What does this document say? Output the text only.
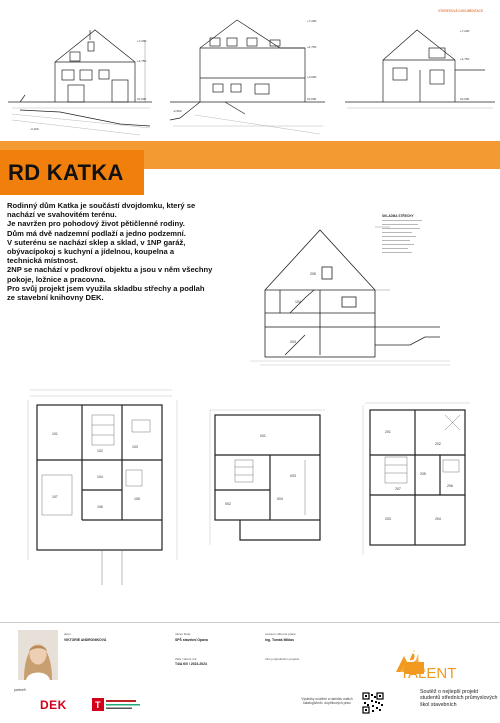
+7,200
+4,750
±0,000
-3,100
+7,200
+4,750
+3,000
±0,000
-2,900
VÝKRESOVÁ DOKUMENTACE
+7,200
+4,750
±0,000
RD KATKA

Rodinný dům Katka je součástí dvojdomku, který se

nachází ve svahovitém terénu.

Je navržen pro pohodový život pětičlenné rodiny.

Dům má dvě nadzemní podlaží a jedno podzemní.

V suterénu se nachází sklep a sklad, v 1NP garáž,

obývacípokoj s kuchyní a jídelnou, koupelna a

technická místnost.

2NP se nachází v podkroví objektu a jsou v něm všechny

pokoje, ložnice a pracovna.

Pro svůj projekt jsem využila skladbu střechy a podlah

ze stavební knihovny DEK.

SKLADBA STŘECHY
205
104
003
101
102
103
104
105
106
107
001
002
003
004
201
202
203	204
205
206
207
autor
VIKTORIE ANDRONIKOVÁ
název školy
SPŠ stavební Opava
třída / školní rok
T4/A 6/0 / 2023-2024
vedoucí odborné práce
Ing. Tomáš Miklas
zdroj originálního projektu
partneři
DEK	T
Výsledky soutěže a nabídku našich katalogů/knih, doplňkových prací
DEK
TALENT
Soutěž o nejlepší projekt studentů středních průmyslových škol stavebních
